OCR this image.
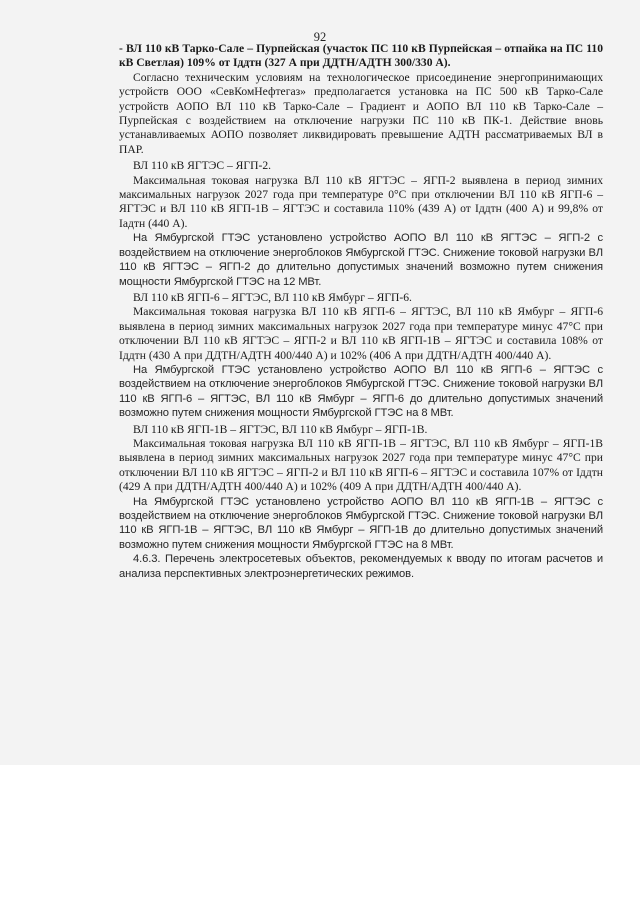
92

- ВЛ 110 кВ Тарко-Сале – Пурпейская (участок ПС 110 кВ Пурпейская – отпайка на ПС 110 кВ Светлая) 109% от Iддтн (327 А при ДДТН/АДТН 300/330 А).

Согласно техническим условиям на технологическое присоединение энергопринимающих устройств ООО «СевКомНефтегаз» предполагается установка на ПС 500 кВ Тарко-Сале устройств АОПО ВЛ 110 кВ Тарко-Сале – Градиент и АОПО ВЛ 110 кВ Тарко-Сале – Пурпейская с воздействием на отключение нагрузки ПС 110 кВ ПК-1. Действие вновь устанавливаемых АОПО позволяет ликвидировать превышение АДТН рассматриваемых ВЛ в ПАР.

ВЛ 110 кВ ЯГТЭС – ЯГП-2.

Максимальная токовая нагрузка ВЛ 110 кВ ЯГТЭС – ЯГП-2 выявлена в период зимних максимальных нагрузок 2027 года при температуре 0°С при отключении ВЛ 110 кВ ЯГП-6 – ЯГТЭС и ВЛ 110 кВ ЯГП-1В – ЯГТЭС и составила 110% (439 А) от Iддтн (400 А) и 99,8% от Iадтн (440 А).

На Ямбургской ГТЭС установлено устройство АОПО ВЛ 110 кВ ЯГТЭС – ЯГП-2 с воздействием на отключение энергоблоков Ямбургской ГТЭС. Снижение токовой нагрузки ВЛ 110 кВ ЯГТЭС – ЯГП-2 до длительно допустимых значений возможно путем снижения мощности Ямбургской ГТЭС на 12 МВт.

ВЛ 110 кВ ЯГП-6 – ЯГТЭС, ВЛ 110 кВ Ямбург – ЯГП-6.

Максимальная токовая нагрузка ВЛ 110 кВ ЯГП-6 – ЯГТЭС, ВЛ 110 кВ Ямбург – ЯГП-6 выявлена в период зимних максимальных нагрузок 2027 года при температуре минус 47°С при отключении ВЛ 110 кВ ЯГТЭС – ЯГП-2 и ВЛ 110 кВ ЯГП-1В – ЯГТЭС и составила 108% от Iддтн (430 А при ДДТН/АДТН 400/440 А) и 102% (406 А при ДДТН/АДТН 400/440 А).

На Ямбургской ГТЭС установлено устройство АОПО ВЛ 110 кВ ЯГП-6 – ЯГТЭС с воздействием на отключение энергоблоков Ямбургской ГТЭС. Снижение токовой нагрузки ВЛ 110 кВ ЯГП-6 – ЯГТЭС, ВЛ 110 кВ Ямбург – ЯГП-6 до длительно допустимых значений возможно путем снижения мощности Ямбургской ГТЭС на 8 МВт.

ВЛ 110 кВ ЯГП-1В – ЯГТЭС, ВЛ 110 кВ Ямбург – ЯГП-1В.

Максимальная токовая нагрузка ВЛ 110 кВ ЯГП-1В – ЯГТЭС, ВЛ 110 кВ Ямбург – ЯГП-1В выявлена в период зимних максимальных нагрузок 2027 года при температуре минус 47°С при отключении ВЛ 110 кВ ЯГТЭС – ЯГП-2 и ВЛ 110 кВ ЯГП-6 – ЯГТЭС и составила 107% от Iддтн (429 А при ДДТН/АДТН 400/440 А) и 102% (409 А при ДДТН/АДТН 400/440 А).

На Ямбургской ГТЭС установлено устройство АОПО ВЛ 110 кВ ЯГП-1В – ЯГТЭС с воздействием на отключение энергоблоков Ямбургской ГТЭС. Снижение токовой нагрузки ВЛ 110 кВ ЯГП-1В – ЯГТЭС, ВЛ 110 кВ Ямбург – ЯГП-1В до длительно допустимых значений возможно путем снижения мощности Ямбургской ГТЭС на 8 МВт.

4.6.3. Перечень электросетевых объектов, рекомендуемых к вводу по итогам расчетов и анализа перспективных электроэнергетических режимов.
